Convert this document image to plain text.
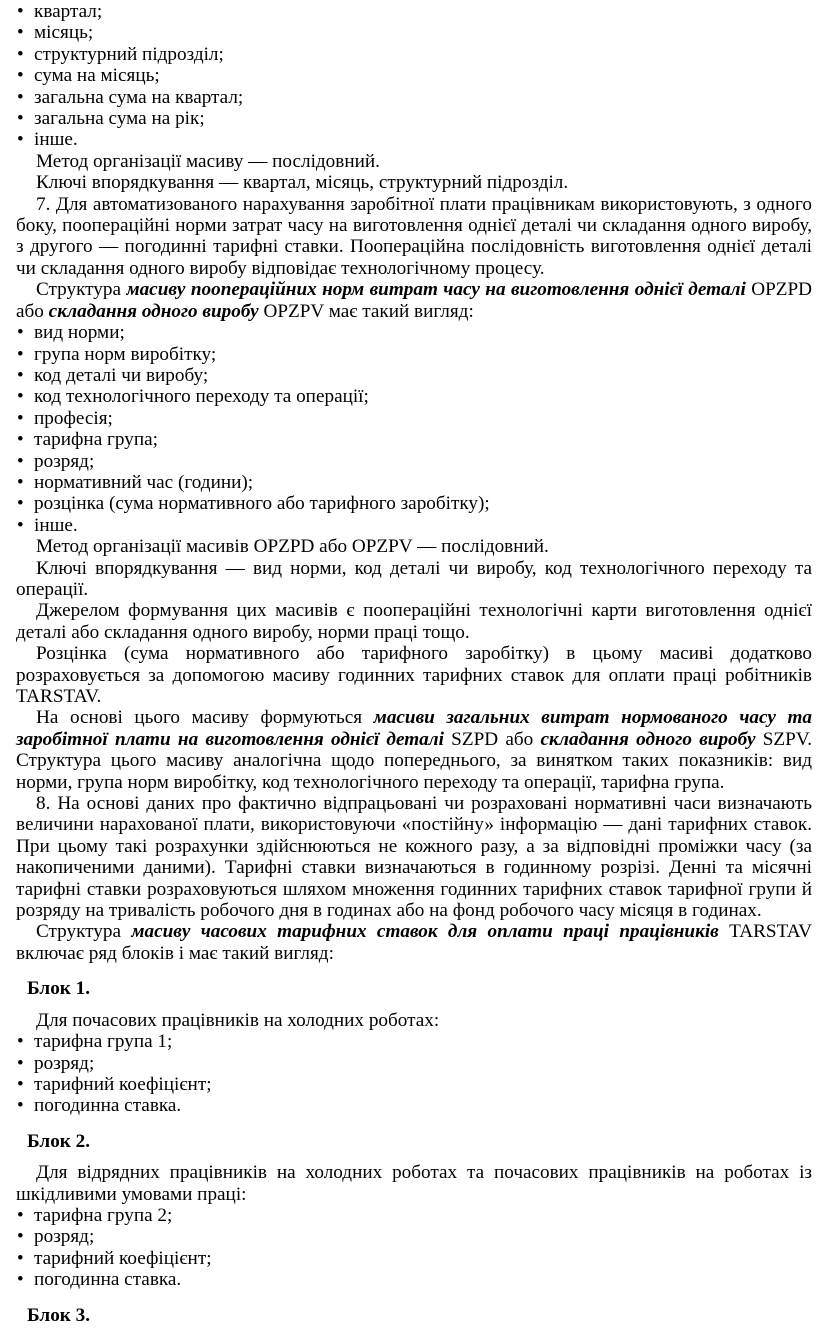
• квартал;

• місяць;

• структурний підрозділ;

• сума на місяць;

• загальна сума на квартал;

• загальна сума на рік;

• інше.

Метод організації масиву — послідовний.

Ключі впорядкування — квартал, місяць, структурний підрозділ.

7. Для автоматизованого нарахування заробітної плати працівникам використовують, з одного боку, пооперацiйні норми затрат часу на виготовлення однієї деталі чи складання одного виробу, з другого — погодинні тарифні ставки. Пооперацiйна послідовність виготовлення однієї деталі чи складання одного виробу відповідає технологічному процесу.

Структура масиву пооперацiйних норм витрат часу на виготовлення однієї деталі OPZPD або складання одного виробу OPZPV має такий вигляд:

• вид норми;

• група норм виробітку;

• код деталі чи виробу;

• код технологічного переходу та операції;

• професія;

• тарифна група;

• розряд;

• нормативний час (години);

• розцінка (сума нормативного або тарифного заробітку);

• інше.

Метод організації масивів OPZPD або OPZPV — послідовний.

Ключі впорядкування — вид норми, код деталі чи виробу, код технологічного переходу та операції.

Джерелом формування цих масивів є пооперацiйні технологічні карти виготовлення однієї деталі або складання одного виробу, норми праці тощо.

Розцінка (сума нормативного або тарифного заробітку) в цьому масиві додатково розраховується за допомогою масиву годинних тарифних ставок для оплати праці робітників TARSTAV.

На основі цього масиву формуються масиви загальних витрат нормованого часу та заробітної плати на виготовлення однієї деталі SZPD або складання одного виробу SZPV. Структура цього масиву аналогічна щодо попереднього, за винятком таких показників: вид норми, група норм виробітку, код технологічного переходу та операції, тарифна група.

8. На основі даних про фактично відпрацьовані чи розраховані нормативні часи визначають величини нарахованої плати, використовуючи «постійну» інформацію — дані тарифних ставок. При цьому такі розрахунки здійснюються не кожного разу, а за відповідні проміжки часу (за накопиченими даними). Тарифні ставки визначаються в годинному розрізі. Денні та місячні тарифні ставки розраховуються шляхом множення годинних тарифних ставок тарифної групи й розряду на тривалість робочого дня в годинах або на фонд робочого часу місяця в годинах.

Структура масиву часових тарифних ставок для оплати праці працівників TARSTAV включає ряд блоків і має такий вигляд:

Блок 1.

Для почасових працівників на холодних роботах:

• тарифна група 1;

• розряд;

• тарифний коефіцієнт;

• погодинна ставка.

Блок 2.

Для відрядних працівників на холодних роботах та почасових працівників на роботах із шкідливими умовами праці:

• тарифна група 2;

• розряд;

• тарифний коефіцієнт;

• погодинна ставка.

Блок 3.
